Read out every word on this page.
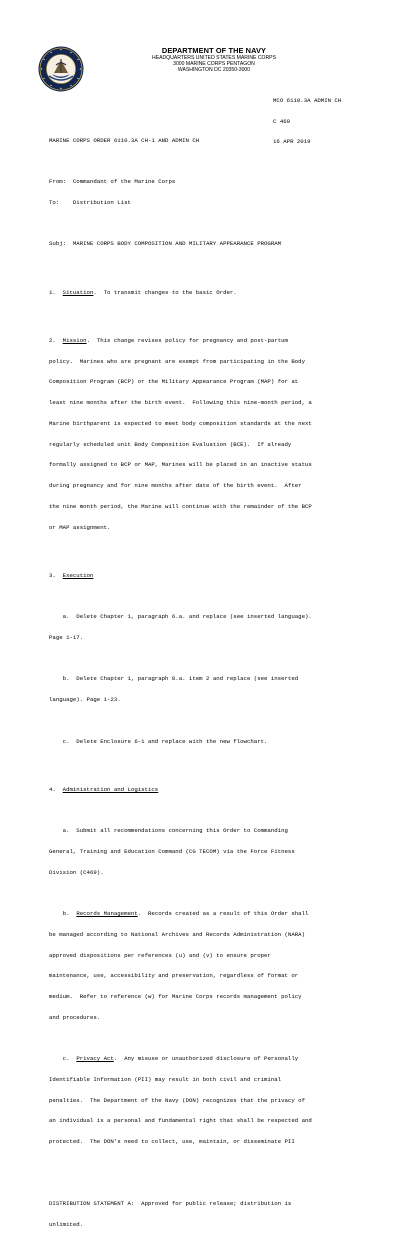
DEPARTMENT OF THE NAVY
HEADQUARTERS UNITED STATES MARINE CORPS
3000 MARINE CORPS PENTAGON
WASHINGTON DC 20350-3000

MCO 6110.3A ADMIN CH

C 469

16 APR 2019

MARINE CORPS ORDER 6110.3A CH-1 AND ADMIN CH

From:  Commandant of the Marine Corps

To:    Distribution List

Subj:  MARINE CORPS BODY COMPOSITION AND MILITARY APPEARANCE PROGRAM

1.  Situation.  To transmit changes to the basic Order.

2.  Mission.  This change revises policy for pregnancy and post-partum

policy.  Marines who are pregnant are exempt from participating in the Body

Composition Program (BCP) or the Military Appearance Program (MAP) for at

least nine months after the birth event.  Following this nine-month period, a

Marine birthparent is expected to meet body composition standards at the next

regularly scheduled unit Body Composition Evaluation (BCE).  If already

formally assigned to BCP or MAP, Marines will be placed in an inactive status

during pregnancy and for nine months after date of the birth event.  After

the nine month period, the Marine will continue with the remainder of the BCP

or MAP assignment.

3.  Execution

a.  Delete Chapter 1, paragraph 6.a. and replace (see inserted language).

Page 1-17.

b.  Delete Chapter 1, paragraph 8.a. item 2 and replace (see inserted

language). Page 1-23.

c.  Delete Enclosure 6-1 and replace with the new flowchart.

4.  Administration and Logistics

a.  Submit all recommendations concerning this Order to Commanding

General, Training and Education Command (CG TECOM) via the Force Fitness

Division (C469).

b.  Records Management.  Records created as a result of this Order shall

be managed according to National Archives and Records Administration (NARA)

approved dispositions per references (u) and (v) to ensure proper

maintenance, use, accessibility and preservation, regardless of format or

medium.  Refer to reference (w) for Marine Corps records management policy

and procedures.

c.  Privacy Act.  Any misuse or unauthorized disclosure of Personally

Identifiable Information (PII) may result in both civil and criminal

penalties.  The Department of the Navy (DON) recognizes that the privacy of

an individual is a personal and fundamental right that shall be respected and

protected.  The DON's need to collect, use, maintain, or disseminate PII

DISTRIBUTION STATEMENT A:  Approved for public release; distribution is

unlimited.
